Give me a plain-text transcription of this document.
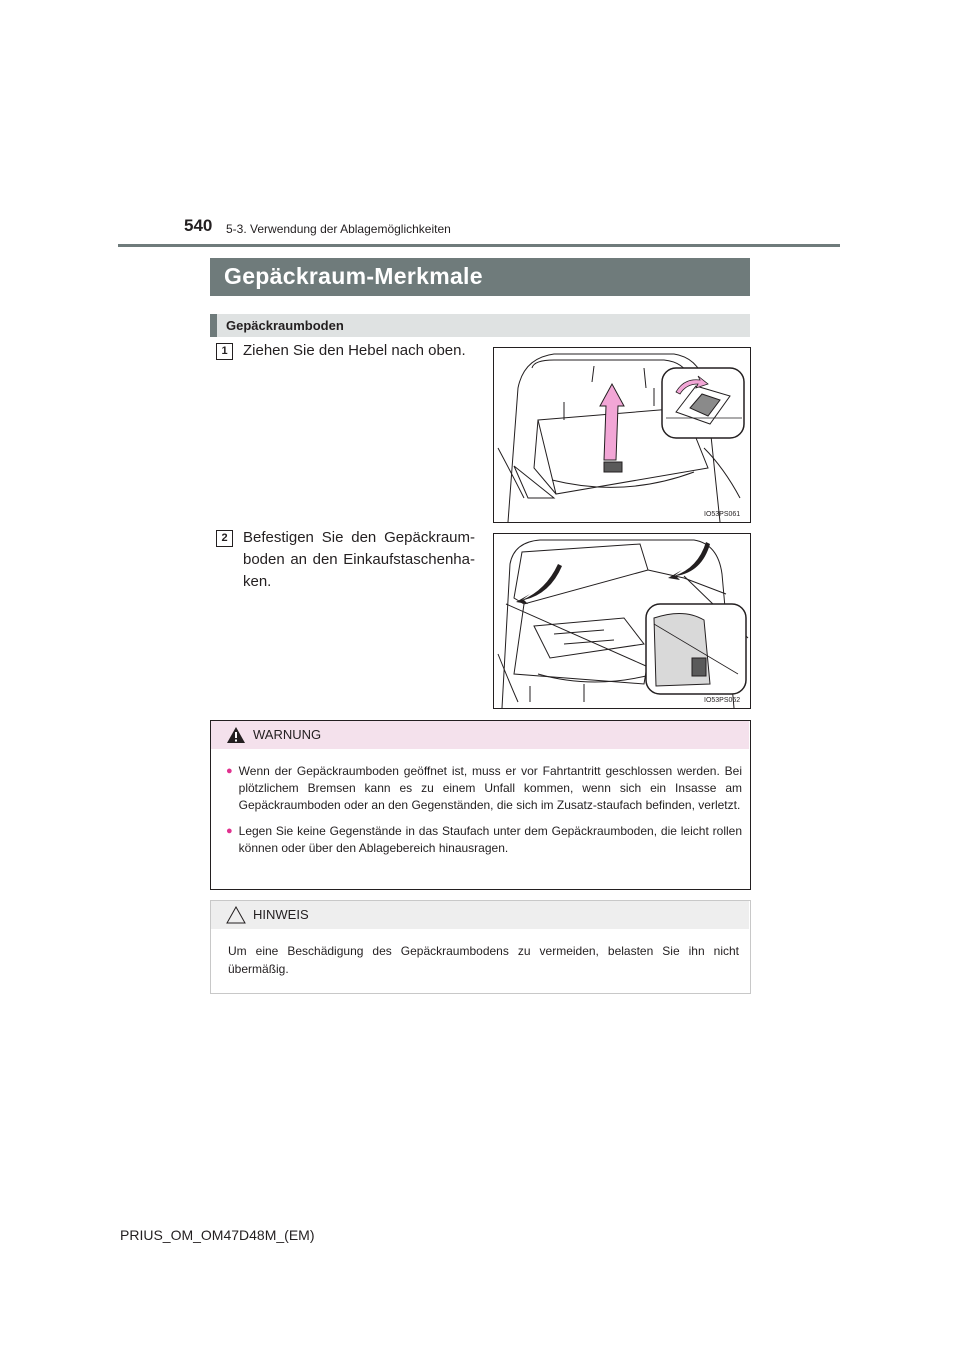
540 5-3. Verwendung der Ablagemöglichkeiten
Gepäckraum-Merkmale
Gepäckraumboden
1	Ziehen Sie den Hebel nach oben.
IO53PS061
2	Befestigen Sie den Gepäckraum-boden an den Einkaufstaschenha-ken.
IO53PS062
WARNUNG
● Wenn der Gepäckraumboden geöffnet ist, muss er vor Fahrtantritt geschlossen werden. Bei plötzlichem Bremsen kann es zu einem Unfall kommen, wenn sich ein Insasse am Gepäckraumboden oder an den Gegenständen, die sich im Zusatz-staufach befinden, verletzt.
● Legen Sie keine Gegenstände in das Staufach unter dem Gepäckraumboden, die leicht rollen können oder über den Ablagebereich hinausragen.
HINWEIS
Um eine Beschädigung des Gepäckraumbodens zu vermeiden, belasten Sie ihn nicht übermäßig.
PRIUS_OM_OM47D48M_(EM)
